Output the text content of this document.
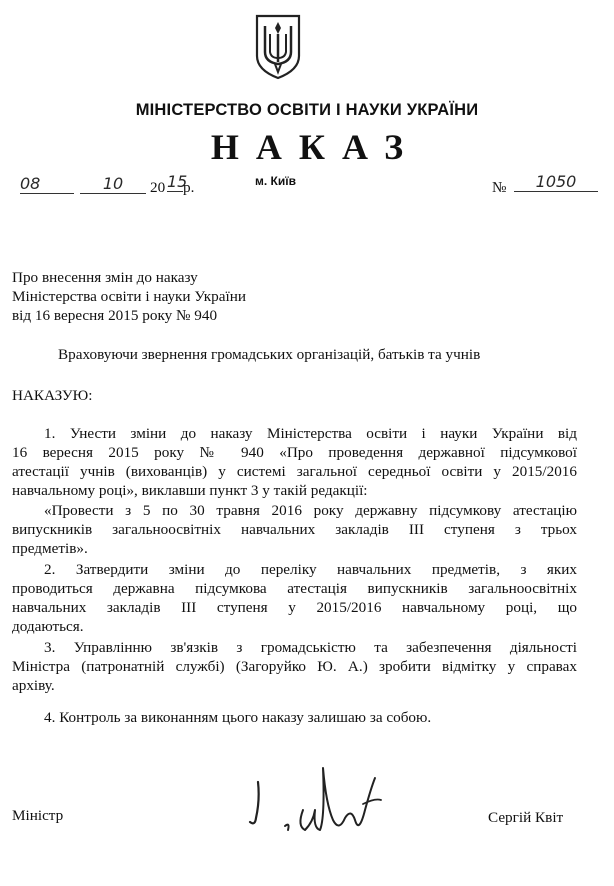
МІНІСТЕРСТВО ОСВІТИ І НАУКИ УКРАЇНИ
НАКАЗ
08	10	20 15
р.	м. Київ	№	1050
Про внесення змін до наказу
Міністерства освіти і науки України
від 16 вересня 2015 року № 940
Враховуючи звернення громадських організацій, батьків та учнів
НАКАЗУЮ:
1. Унести зміни до наказу Міністерства освіти і науки України від
16 вересня 2015 року № 940 «Про проведення державної підсумкової
атестації учнів (вихованців) у системі загальної середньої освіти у 2015/2016
навчальному році», виклавши пункт 3 у такій редакції:
«Провести з 5 по 30 травня 2016 року державну підсумкову атестацію
випускників загальноосвітніх навчальних закладів III ступеня з трьох
предметів».
2. Затвердити зміни до переліку навчальних предметів, з яких
проводиться державна підсумкова атестація випускників загальноосвітніх
навчальних закладів III ступеня у 2015/2016 навчальному році, що
додаються.
3. Управлінню зв'язків з громадськістю та забезпечення діяльності
Міністра (патронатній службі) (Загоруйко Ю. А.) зробити відмітку у справах
архіву.
4. Контроль за виконанням цього наказу залишаю за собою.
Міністр	Сергій Квіт
